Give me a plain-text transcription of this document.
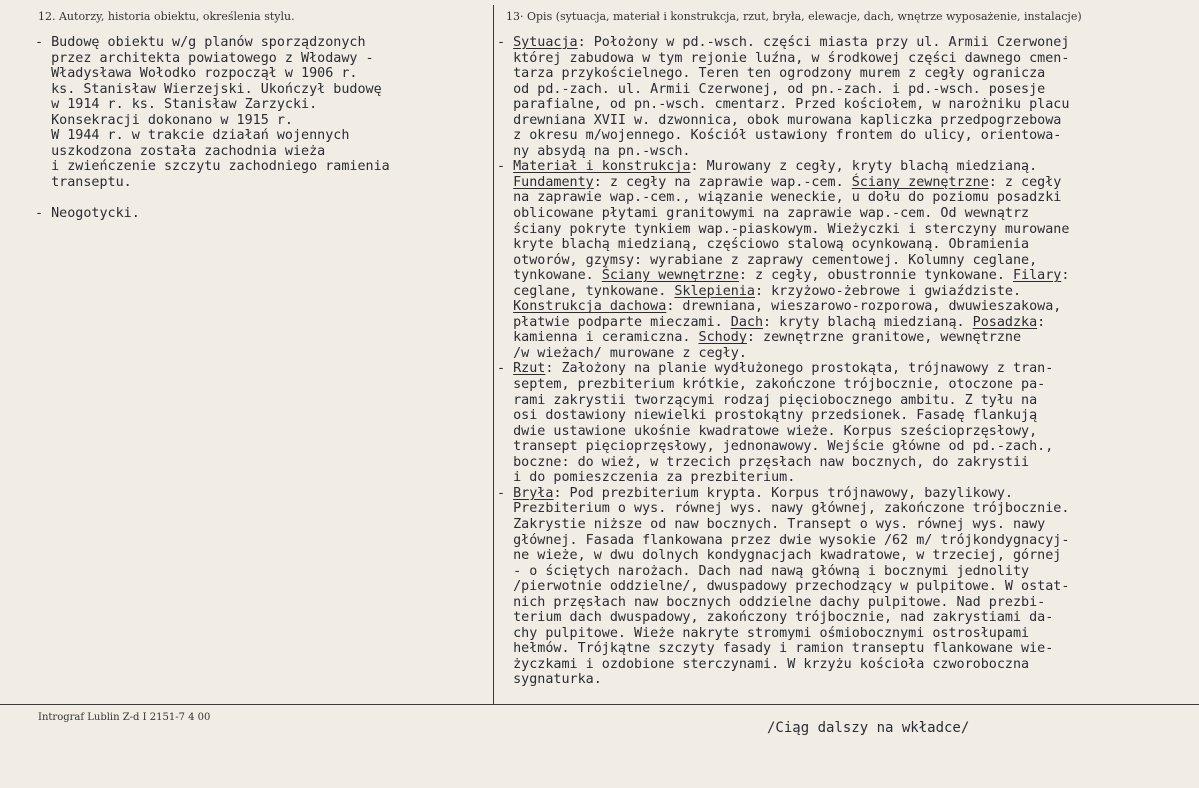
12. Autorzy, historia obiektu, określenia stylu.	13· Opis (sytuacja, materiał i konstrukcja, rzut, bryła, elewacje, dach, wnętrze wyposażenie, instalacje)
- Budowę obiektu w/g planów sporządzonych
przez architekta powiatowego z Włodawy -
Władysława Wołodko rozpoczął w 1906 r.
ks. Stanisław Wierzejski. Ukończył budowę
w 1914 r. ks. Stanisław Zarzycki.
Konsekracji dokonano w 1915 r.
W 1944 r. w trakcie działań wojennych
uszkodzona została zachodnia wieża
i zwieńczenie szczytu zachodniego ramienia
transeptu.
- Neogotycki.
- Sytuacja: Położony w pd.-wsch. części miasta przy ul. Armii Czerwonej
której zabudowa w tym rejonie luźna, w środkowej części dawnego cmen-
tarza przykościelnego. Teren ten ogrodzony murem z cegły ogranicza
od pd.-zach. ul. Armii Czerwonej, od pn.-zach. i pd.-wsch. posesje
parafialne, od pn.-wsch. cmentarz. Przed kościołem, w narożniku placu
drewniana XVII w. dzwonnica, obok murowana kapliczka przedpogrzebowa
z okresu m/wojennego. Kościół ustawiony frontem do ulicy, orientowa-
ny absydą na pn.-wsch.
- Materiał i konstrukcja: Murowany z cegły, kryty blachą miedzianą.
Fundamenty: z cegły na zaprawie wap.-cem. Ściany zewnętrzne: z cegły
na zaprawie wap.-cem., wiązanie weneckie, u dołu do poziomu posadzki
oblicowane płytami granitowymi na zaprawie wap.-cem. Od wewnątrz
ściany pokryte tynkiem wap.-piaskowym. Wieżyczki i sterczyny murowane
kryte blachą miedzianą, częściowo stalową ocynkowaną. Obramienia
otworów, gzymsy: wyrabiane z zaprawy cementowej. Kolumny ceglane,
tynkowane. Ściany wewnętrzne: z cegły, obustronnie tynkowane. Filary:
ceglane, tynkowane. Sklepienia: krzyżowo-żebrowe i gwiaździste.
Konstrukcja dachowa: drewniana, wieszarowo-rozporowa, dwuwieszakowa,
płatwie podparte mieczami. Dach: kryty blachą miedzianą. Posadzka:
kamienna i ceramiczna. Schody: zewnętrzne granitowe, wewnętrzne
/w wieżach/ murowane z cegły.
- Rzut: Założony na planie wydłużonego prostokąta, trójnawowy z tran-
septem, prezbiterium krótkie, zakończone trójbocznie, otoczone pa-
rami zakrystii tworzącymi rodzaj pięciobocznego ambitu. Z tyłu na
osi dostawiony niewielki prostokątny przedsionek. Fasadę flankują
dwie ustawione ukośnie kwadratowe wieże. Korpus sześcioprzęsłowy,
transept pięcioprzęsłowy, jednonawowy. Wejście główne od pd.-zach.,
boczne: do wież, w trzecich przęsłach naw bocznych, do zakrystii
i do pomieszczenia za prezbiterium.
- Bryła: Pod prezbiterium krypta. Korpus trójnawowy, bazylikowy.
Prezbiterium o wys. równej wys. nawy głównej, zakończone trójbocznie.
Zakrystie niższe od naw bocznych. Transept o wys. równej wys. nawy
głównej. Fasada flankowana przez dwie wysokie /62 m/ trójkondygnacyj-
ne wieże, w dwu dolnych kondygnacjach kwadratowe, w trzeciej, górnej
- o ściętych narożach. Dach nad nawą główną i bocznymi jednolity
/pierwotnie oddzielne/, dwuspadowy przechodzący w pulpitowe. W ostat-
nich przęsłach naw bocznych oddzielne dachy pulpitowe. Nad prezbi-
terium dach dwuspadowy, zakończony trójbocznie, nad zakrystiami da-
chy pulpitowe. Wieże nakryte stromymi ośmiobocznymi ostrosłupami
hełmów. Trójkątne szczyty fasady i ramion transeptu flankowane wie-
życzkami i ozdobione sterczynami. W krzyżu kościoła czworoboczna
sygnaturka.
Intrograf Lublin Z-d I 2151-7 4 00
/Ciąg dalszy na wkładce/
